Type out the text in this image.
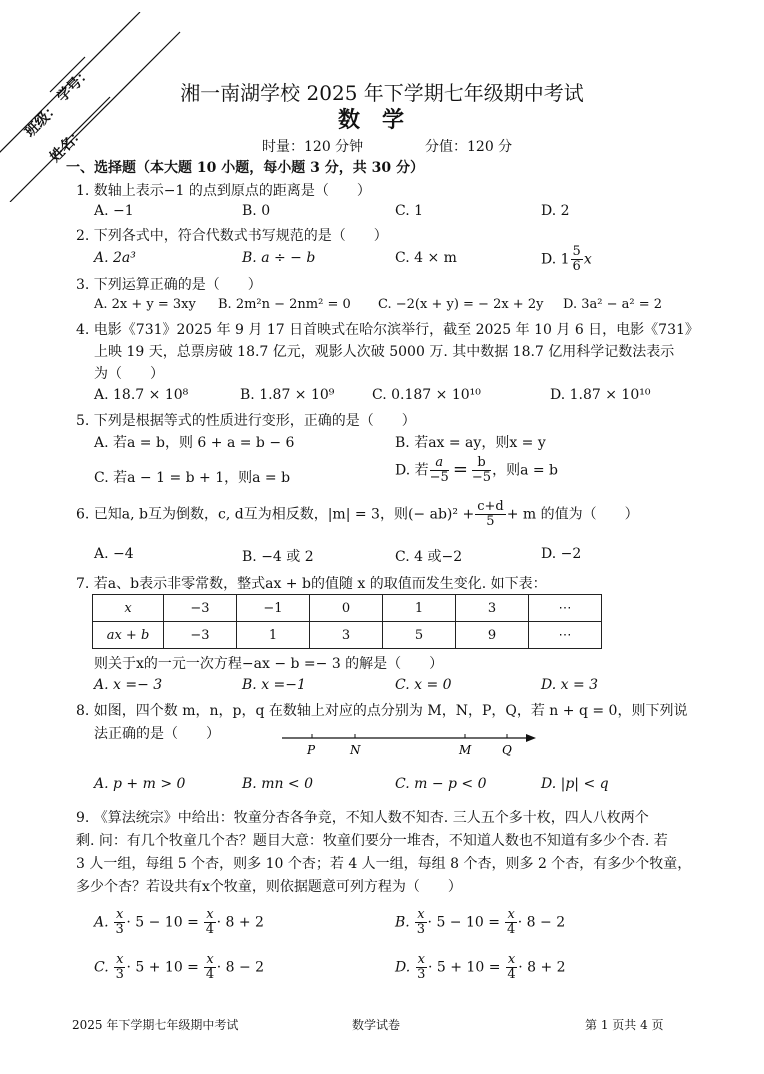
班级：
学号：
姓名：
湘一南湖学校 2025 年下学期七年级期中考试
数学
时量：120 分钟	分值：120 分
一、选择题（本大题 10 小题，每小题 3 分，共 30 分）
1. 数轴上表示−1 的点到原点的距离是（　　）
A. −1	B. 0	C. 1	D. 2
2. 下列各式中，符合代数式书写规范的是（　　）
A. 2a³	B. a ÷ − b	C. 4 × m	D. $1 \frac{5}{6}$ x
3. 下列运算正确的是（　　）
A. 2x + y = 3xy B. 2m²n − 2nm² = 0 C. −2(x + y) = − 2x + 2y D. 3a² − a² = 2
4. 电影《731》2025 年 9 月 17 日首映式在哈尔滨举行，截至 2025 年 10 月 6 日，电影《731》
上映 19 天，总票房破 18.7 亿元，观影人次破 5000 万. 其中数据 18.7 亿用科学记数法表示
为（　　）
A. 18.7 × 10⁸	B. 1.87 × 10⁹	C. 0.187 × 10¹⁰	D. 1.87 × 10¹⁰
5. 下列是根据等式的性质进行变形，正确的是（　　）
A. 若a = b，则 6 + a = b − 6	B. 若ax = ay，则x = y
C. 若a − 1 = b + 1，则a = b	D. 若 $\frac{a}{-5} = \frac{b}{-5}$ ，则a = b
6. 已知a, b互为倒数，c, d互为相反数，|m| = 3，则(− $ab)^2 + \frac{c+d}{5} + m$ 的值为（　　）
A. −4	B. −4 或 2	C. 4 或−2	D. −2
7. 若a、b表示非零常数，整式ax + b的值随 x 的取值而发生变化. 如下表：
x	−3	−1	0	1	3	⋯
ax + b	−3	1	3	5	9	⋯
则关于x的一元一次方程−ax − b =− 3 的解是（　　）
A. x =− 3	B. x =−1	C. x = 0	D. x = 3
8. 如图，四个数 m，n，p，q 在数轴上对应的点分别为 M，N，P，Q，若 n + q = 0，则下列说
法正确的是（　　）
P	N	M	Q
A. p + m > 0	B. mn < 0	C. m − p < 0	D. |p| < q
9. 《算法统宗》中给出：牧童分杏各争竞，不知人数不知杏. 三人五个多十枚，四人八枚两个
剩. 问：有几个牧童几个杏？题目大意：牧童们要分一堆杏，不知道人数也不知道有多少个杏. 若
3 人一组，每组 5 个杏，则多 10 个杏；若 4 人一组，每组 8 个杏，则多 2 个杏，有多少个牧童，
多少个杏？若设共有x个牧童，则依据题意可列方程为（　　）
A. $\frac{x}{3} \cdot 5 - 10 = \frac{x}{4} \cdot 8 + 2$	B. $\frac{x}{3} \cdot 5 - 10 = \frac{x}{4} \cdot 8 - 2$
C. $\frac{x}{3} \cdot 5 + 10 = \frac{x}{4} \cdot 8 - 2$	D. $\frac{x}{3} \cdot 5 + 10 = \frac{x}{4} \cdot 8 + 2$
2025 年下学期七年级期中考试	数学试卷	第 1 页共 4 页
